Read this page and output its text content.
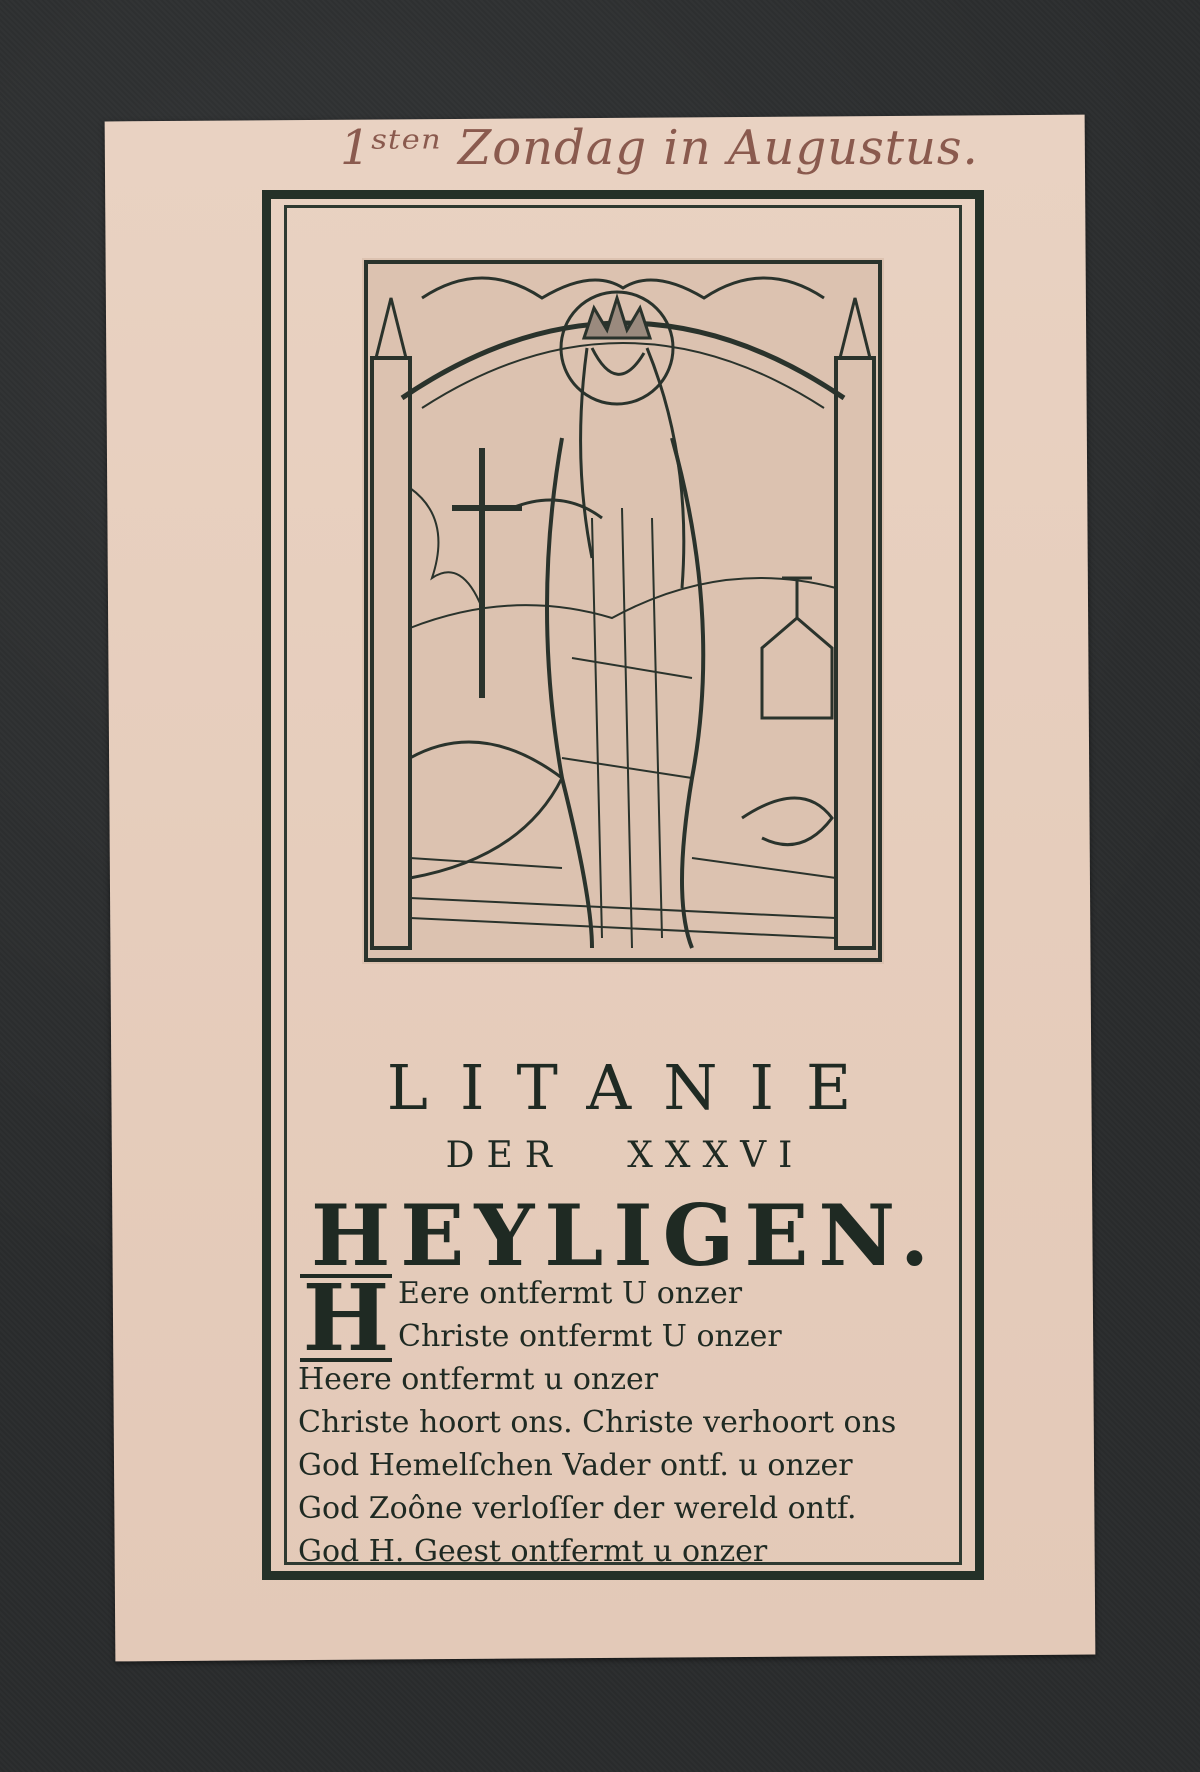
1ˢᵗᵉⁿ Zondag in Augustus.
LITANIE
DER XXXVI
HEYLIGEN.
H Eere ontfermt U onzer
Christe ontfermt U onzer
Heere ontfermt u onzer
Christe hoort ons. Christe verhoort ons
God Hemelſchen Vader ontf. u onzer
God Zoône verloſſer der wereld ontf.
God H. Geest ontfermt u onzer
